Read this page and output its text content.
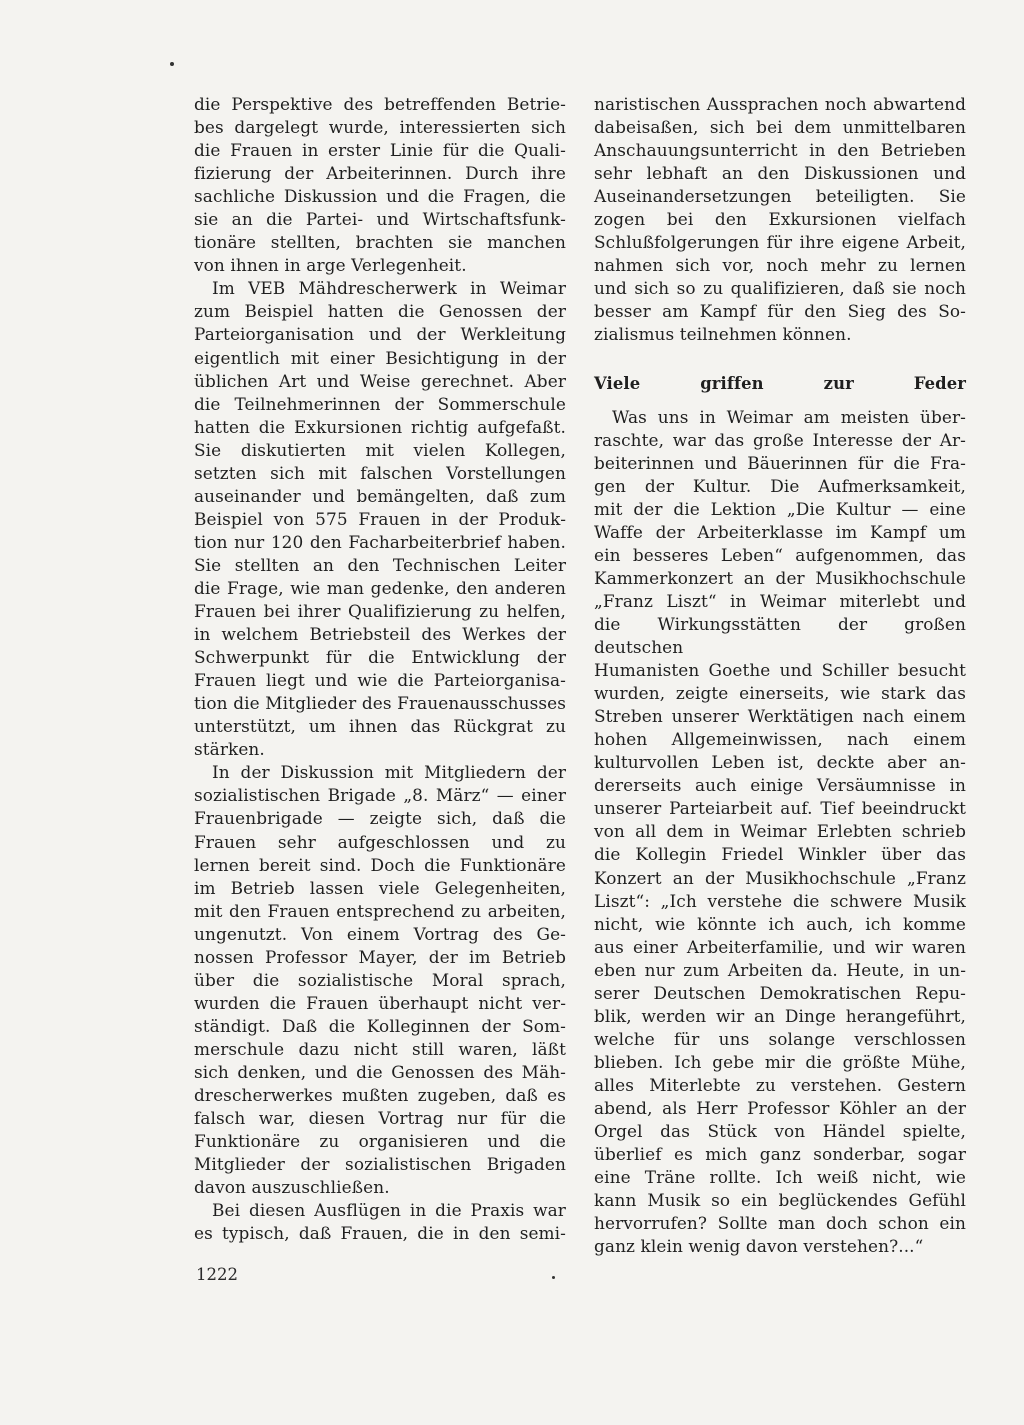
die Perspektive des betreffenden Betrie-

bes dargelegt wurde, interessierten sich

die Frauen in erster Linie für die Quali-

fizierung der Arbeiterinnen. Durch ihre

sachliche Diskussion und die Fragen, die

sie an die Partei- und Wirtschaftsfunk-

tionäre stellten, brachten sie manchen

von ihnen in arge Verlegenheit.

Im VEB Mähdrescherwerk in Weimar

zum Beispiel hatten die Genossen der

Parteiorganisation und der Werkleitung

eigentlich mit einer Besichtigung in der

üblichen Art und Weise gerechnet. Aber

die Teilnehmerinnen der Sommerschule

hatten die Exkursionen richtig aufgefaßt.

Sie diskutierten mit vielen Kollegen,

setzten sich mit falschen Vorstellungen

auseinander und bemängelten, daß zum

Beispiel von 575 Frauen in der Produk-

tion nur 120 den Facharbeiterbrief haben.

Sie stellten an den Technischen Leiter

die Frage, wie man gedenke, den anderen

Frauen bei ihrer Qualifizierung zu helfen,

in welchem Betriebsteil des Werkes der

Schwerpunkt für die Entwicklung der

Frauen liegt und wie die Parteiorganisa-

tion die Mitglieder des Frauenausschusses

unterstützt, um ihnen das Rückgrat zu

stärken.

In der Diskussion mit Mitgliedern der

sozialistischen Brigade „8. März“ — einer

Frauenbrigade — zeigte sich, daß die

Frauen sehr aufgeschlossen und zu

lernen bereit sind. Doch die Funktionäre

im Betrieb lassen viele Gelegenheiten,

mit den Frauen entsprechend zu arbeiten,

ungenutzt. Von einem Vortrag des Ge-

nossen Professor Mayer, der im Betrieb

über die sozialistische Moral sprach,

wurden die Frauen überhaupt nicht ver-

ständigt. Daß die Kolleginnen der Som-

merschule dazu nicht still waren, läßt

sich denken, und die Genossen des Mäh-

drescherwerkes mußten zugeben, daß es

falsch war, diesen Vortrag nur für die

Funktionäre zu organisieren und die

Mitglieder der sozialistischen Brigaden

davon auszuschließen.

Bei diesen Ausflügen in die Praxis war

es typisch, daß Frauen, die in den semi-

naristischen Aussprachen noch abwartend

dabeisaßen, sich bei dem unmittelbaren

Anschauungsunterricht in den Betrieben

sehr lebhaft an den Diskussionen und

Auseinandersetzungen beteiligten. Sie

zogen bei den Exkursionen vielfach

Schlußfolgerungen für ihre eigene Arbeit,

nahmen sich vor, noch mehr zu lernen

und sich so zu qualifizieren, daß sie noch

besser am Kampf für den Sieg des So-

zialismus teilnehmen können.

Viele griffen zur Feder

Was uns in Weimar am meisten über-

raschte, war das große Interesse der Ar-

beiterinnen und Bäuerinnen für die Fra-

gen der Kultur. Die Aufmerksamkeit,

mit der die Lektion „Die Kultur — eine

Waffe der Arbeiterklasse im Kampf um

ein besseres Leben“ aufgenommen, das

Kammerkonzert an der Musikhochschule

„Franz Liszt“ in Weimar miterlebt und

die Wirkungsstätten der großen deutschen

Humanisten Goethe und Schiller besucht

wurden, zeigte einerseits, wie stark das

Streben unserer Werktätigen nach einem

hohen Allgemeinwissen, nach einem

kulturvollen Leben ist, deckte aber an-

dererseits auch einige Versäumnisse in

unserer Parteiarbeit auf. Tief beeindruckt

von all dem in Weimar Erlebten schrieb

die Kollegin Friedel Winkler über das

Konzert an der Musikhochschule „Franz

Liszt“: „Ich verstehe die schwere Musik

nicht, wie könnte ich auch, ich komme

aus einer Arbeiterfamilie, und wir waren

eben nur zum Arbeiten da. Heute, in un-

serer Deutschen Demokratischen Repu-

blik, werden wir an Dinge herangeführt,

welche für uns solange verschlossen

blieben. Ich gebe mir die größte Mühe,

alles Miterlebte zu verstehen. Gestern

abend, als Herr Professor Köhler an der

Orgel das Stück von Händel spielte,

überlief es mich ganz sonderbar, sogar

eine Träne rollte. Ich weiß nicht, wie

kann Musik so ein beglückendes Gefühl

hervorrufen? Sollte man doch schon ein

ganz klein wenig davon verstehen?...“

1222
